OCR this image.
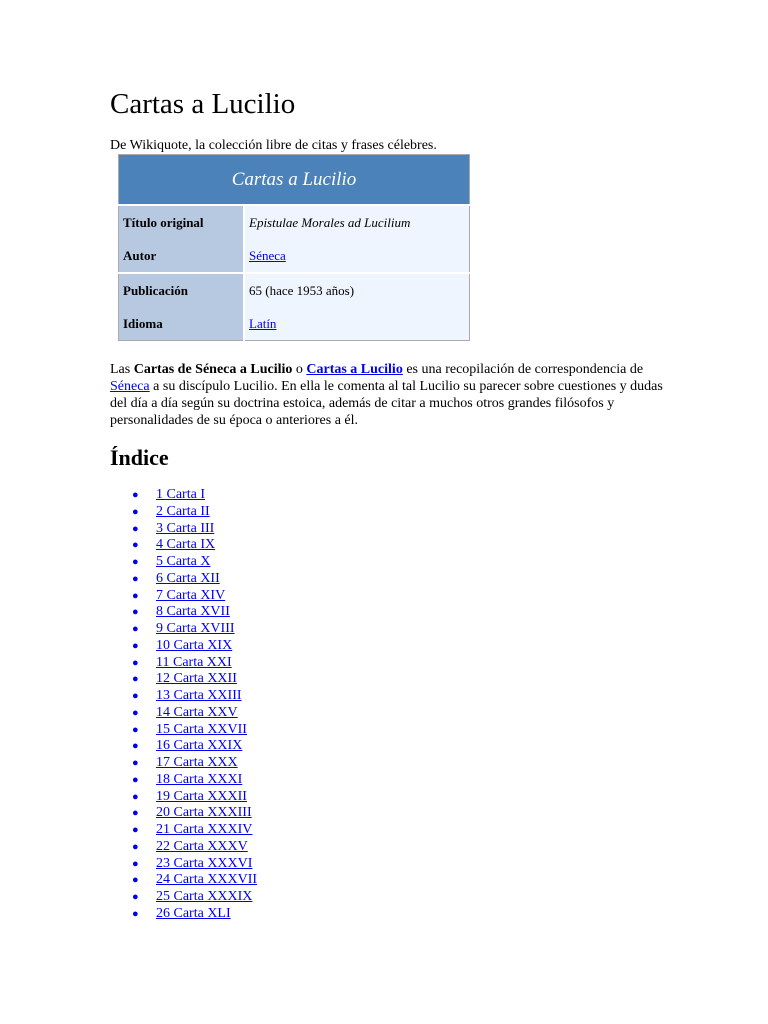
Cartas a Lucilio
De Wikiquote, la colección libre de citas y frases célebres.
Cartas a Lucilio	
Título original	Epistulae Morales ad Lucilium
Autor	Séneca
Publicación	65 (hace 1953 años)
Idioma	Latín

Las Cartas de Séneca a Lucilio o Cartas a Lucilio es una recopilación de correspondencia de Séneca a su discípulo Lucilio. En ella le comenta al tal Lucilio su parecer sobre cuestiones y dudas del día a día según su doctrina estoica, además de citar a muchos otros grandes filósofos y personalidades de su época o anteriores a él.

Índice
● 1 Carta I
● 2 Carta II
● 3 Carta III
● 4 Carta IX
● 5 Carta X
● 6 Carta XII
● 7 Carta XIV
● 8 Carta XVII
● 9 Carta XVIII
● 10 Carta XIX
● 11 Carta XXI
● 12 Carta XXII
● 13 Carta XXIII
● 14 Carta XXV
● 15 Carta XXVII
● 16 Carta XXIX
● 17 Carta XXX
● 18 Carta XXXI
● 19 Carta XXXII
● 20 Carta XXXIII
● 21 Carta XXXIV
● 22 Carta XXXV
● 23 Carta XXXVI
● 24 Carta XXXVII
● 25 Carta XXXIX
● 26 Carta XLI
